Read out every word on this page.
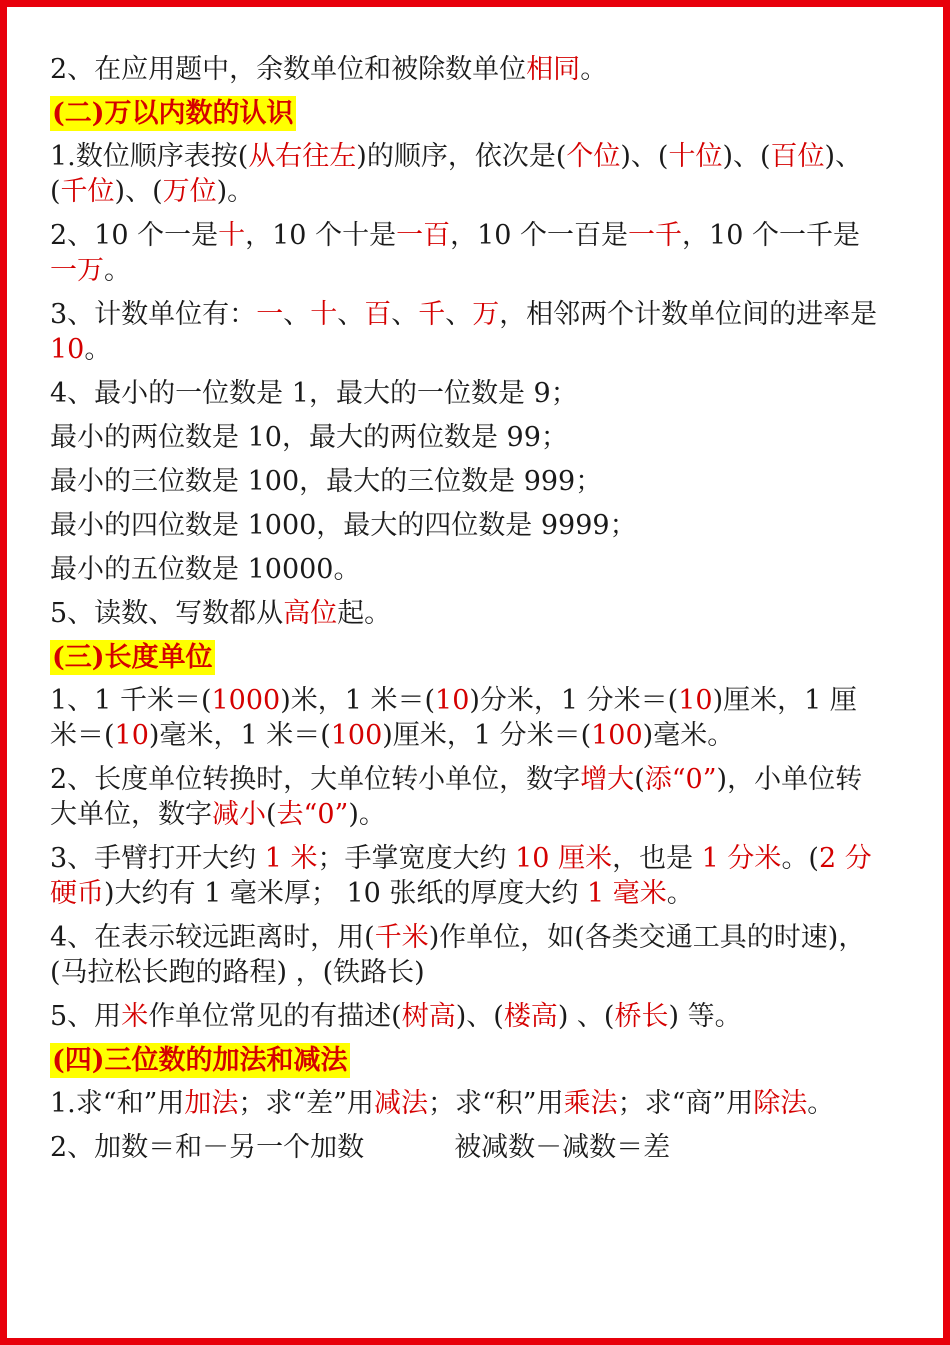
2、在应用题中，余数单位和被除数单位相同。
(二)万以内数的认识
1.数位顺序表按(从右往左)的顺序，依次是(个位)、(十位)、(百位)、(千位)、(万位)。
2、10 个一是十，10 个十是一百，10 个一百是一千，10 个一千是一万。
3、计数单位有：一、十、百、千、万，相邻两个计数单位间的进率是 10。
4、最小的一位数是 1，最大的一位数是 9；
最小的两位数是 10，最大的两位数是 99；
最小的三位数是 100，最大的三位数是 999；
最小的四位数是 1000，最大的四位数是 9999；
最小的五位数是 10000。
5、读数、写数都从高位起。
(三)长度单位
1、1 千米＝(1000)米，1 米＝(10)分米，1 分米＝(10)厘米，1 厘米＝(10)毫米，1 米＝(100)厘米，1 分米＝(100)毫米。
2、长度单位转换时，大单位转小单位，数字增大(添“0”)，小单位转大单位，数字减小(去“0”)。
3、手臂打开大约 1 米；手掌宽度大约 10 厘米，也是 1 分米。(2 分硬币)大约有 1 毫米厚； 10 张纸的厚度大约 1 毫米。
4、在表示较远距离时，用(千米)作单位，如(各类交通工具的时速)，(马拉松长跑的路程) ，(铁路长)
5、用米作单位常见的有描述(树高)、(楼高) 、(桥长) 等。
(四)三位数的加法和减法
1.求“和”用加法；求“差”用减法；求“积”用乘法；求“商”用除法。
2、加数＝和－另一个加数	被减数－减数＝差
